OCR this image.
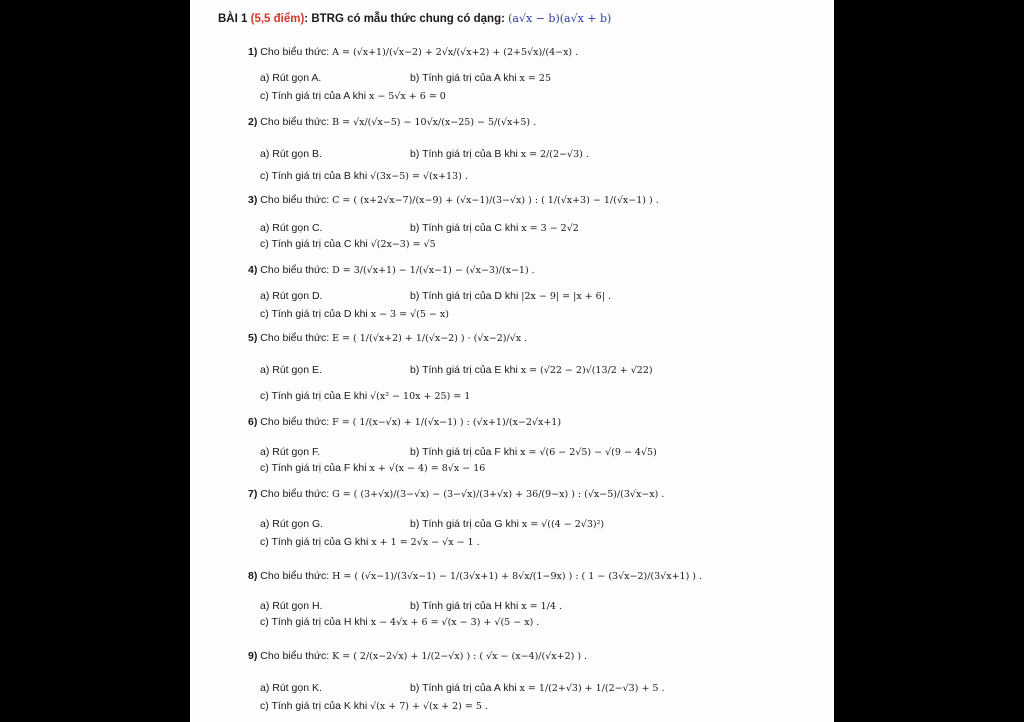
BÀI 1 (5,5 điểm): BTRG có mẫu thức chung có dạng: (a√x − b)(a√x + b)
1) Cho biểu thức: A = (√x+1)/(√x−2) + 2√x/(√x+2) + (2+5√x)/(4−x) .
a) Rút gọn A.	b) Tính giá trị của A khi x = 25
c) Tính giá trị của A khi x − 5√x + 6 = 0
2) Cho biểu thức: B = √x/(√x−5) − 10√x/(x−25) − 5/(√x+5) .
a) Rút gọn B.	b) Tính giá trị của B khi x = 2/(2−√3) .
c) Tính giá trị của B khi √(3x−5) = √(x+13) .
3) Cho biểu thức: C = ( (x+2√x−7)/(x−9) + (√x−1)/(3−√x) ) : ( 1/(√x+3) − 1/(√x−1) ) .
a) Rút gọn C.	b) Tính giá trị của C khi x = 3 − 2√2
c) Tính giá trị của C khi √(2x−3) = √5
4) Cho biểu thức: D = 3/(√x+1) − 1/(√x−1) − (√x−3)/(x−1) .
a) Rút gọn D.	b) Tính giá trị của D khi |2x − 9| = |x + 6| .
c) Tính giá trị của D khi x − 3 = √(5 − x)
5) Cho biểu thức: E = ( 1/(√x+2) + 1/(√x−2) ) · (√x−2)/√x .
a) Rút gọn E.	b) Tính giá trị của E khi x = (√22 − 2)√(13/2 + √22)
c) Tính giá trị của E khi √(x² − 10x + 25) = 1
6) Cho biểu thức: F = ( 1/(x−√x) + 1/(√x−1) ) : (√x+1)/(x−2√x+1)
a) Rút gọn F.	b) Tính giá trị của F khi x = √(6 − 2√5) − √(9 − 4√5)
c) Tính giá trị của F khi x + √(x − 4) = 8√x − 16
7) Cho biểu thức: G = ( (3+√x)/(3−√x) − (3−√x)/(3+√x) + 36/(9−x) ) : (√x−5)/(3√x−x) .
a) Rút gọn G.	b) Tính giá trị của G khi x = √((4 − 2√3)²)
c) Tính giá trị của G khi x + 1 = 2√x − √x − 1 .
8) Cho biểu thức: H = ( (√x−1)/(3√x−1) − 1/(3√x+1) + 8√x/(1−9x) ) : ( 1 − (3√x−2)/(3√x+1) ) .
a) Rút gọn H.	b) Tính giá trị của H khi x = 1/4 .
c) Tính giá trị của H khi x − 4√x + 6 = √(x − 3) + √(5 − x) .
9) Cho biểu thức: K = ( 2/(x−2√x) + 1/(2−√x) ) : ( √x − (x−4)/(√x+2) ) .
a) Rút gọn K.	b) Tính giá trị của A khi x = 1/(2+√3) + 1/(2−√3) + 5 .
c) Tính giá trị của K khi √(x + 7) + √(x + 2) = 5 .
